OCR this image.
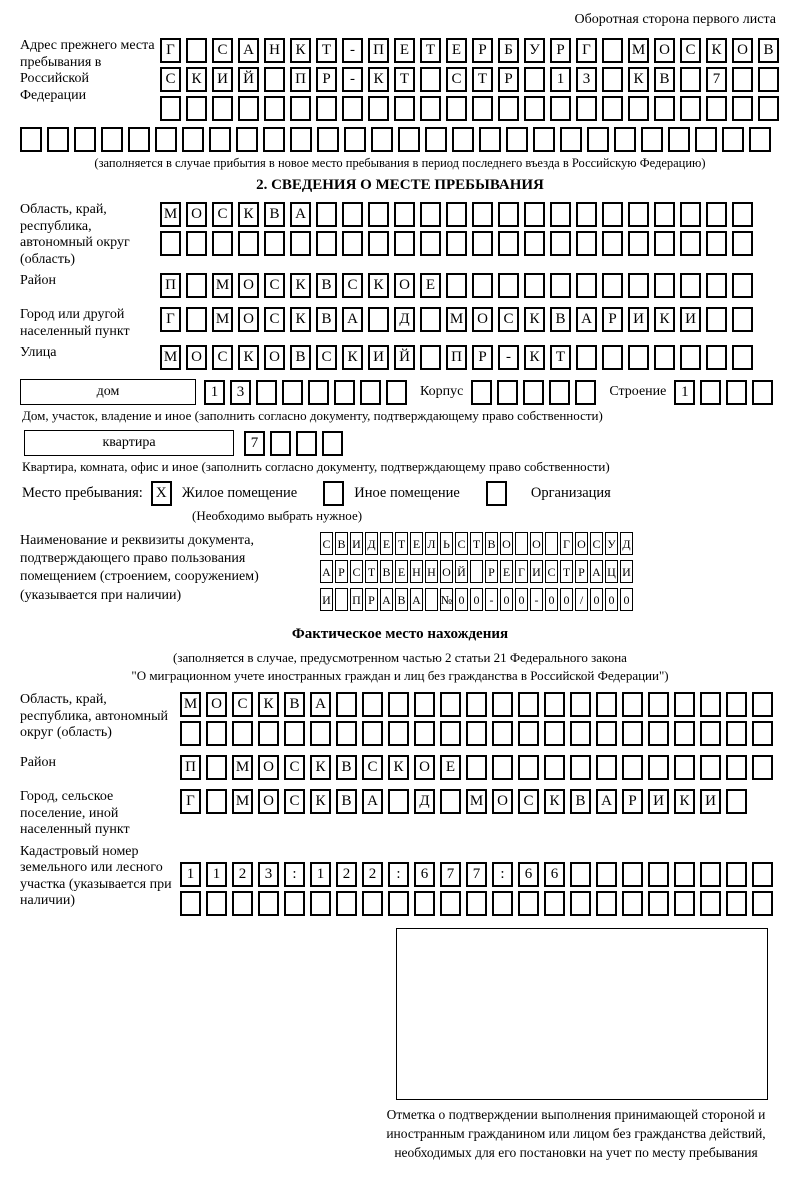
Оборотная сторона первого листа
Адрес прежнего места пребывания в Российской Федерации
Г	С	А	Н	К	Т	-	П	Е	Т	Е	Р	Б	У	Р	Г	М О	С	К	О	В
С	К	И	Й	П	Р	-	К	Т	С	Т	Р	1	3	К	В	7
(заполняется в случае прибытия в новое место пребывания в период последнего въезда в Российскую Федерацию)
2. СВЕДЕНИЯ О МЕСТЕ ПРЕБЫВАНИЯ
Область, край, республика, автономный округ (область)
М О	С	К	В	А
Район	П	М О	С	К	В	С	К	О	Е
Город или другой населенный пункт
Г	М О	С	К	В	А	Д	М О	С	К	В	А	Р	И	К	И
Улица	М О	С	К	О	В	С	К	И	Й	П	Р	-	К	Т
дом	1	3	Корпус	Строение 1
Дом, участок, владение и иное (заполнить согласно документу, подтверждающему право собственности)
квартира	7
Квартира, комната, офис и иное (заполнить согласно документу, подтверждающему право собственности)
Место пребывания: X	Жилое помещение	Иное помещение	Организация
(Необходимо выбрать нужное)
Наименование и реквизиты документа, подтверждающего право пользования помещением (строением, сооружением) (указывается при наличии)
С В И Д Е Т Е Л Ь С Т В О О Г О С У Д
А Р С Т В Е Н Н О Й Р Е Г И С Т Р А Ц И
И П Р А В А № 0 0 - 0 0 - 0 0 / 0 0 0
Фактическое место нахождения
(заполняется в случае, предусмотренном частью 2 статьи 21 Федерального закона
"О миграционном учете иностранных граждан и лиц без гражданства в Российской Федерации")
Область, край, республика, автономный округ (область)
М О	С	К	В	А
Район	П	М О	С	К	В	С	К	О	Е
Город, сельское поселение, иной населенный пункт
Г	М О	С	К	В	А	Д	М О	С	К	В	А	Р	И	К	И
Кадастровый номер земельного или лесного участка (указывается при наличии)
1	1	2	3	:	1	2	2	:	6	7	7	:	6	6
Отметка о подтверждении выполнения принимающей стороной и иностранным гражданином или лицом без гражданства действий, необходимых для его постановки на учет по месту пребывания
